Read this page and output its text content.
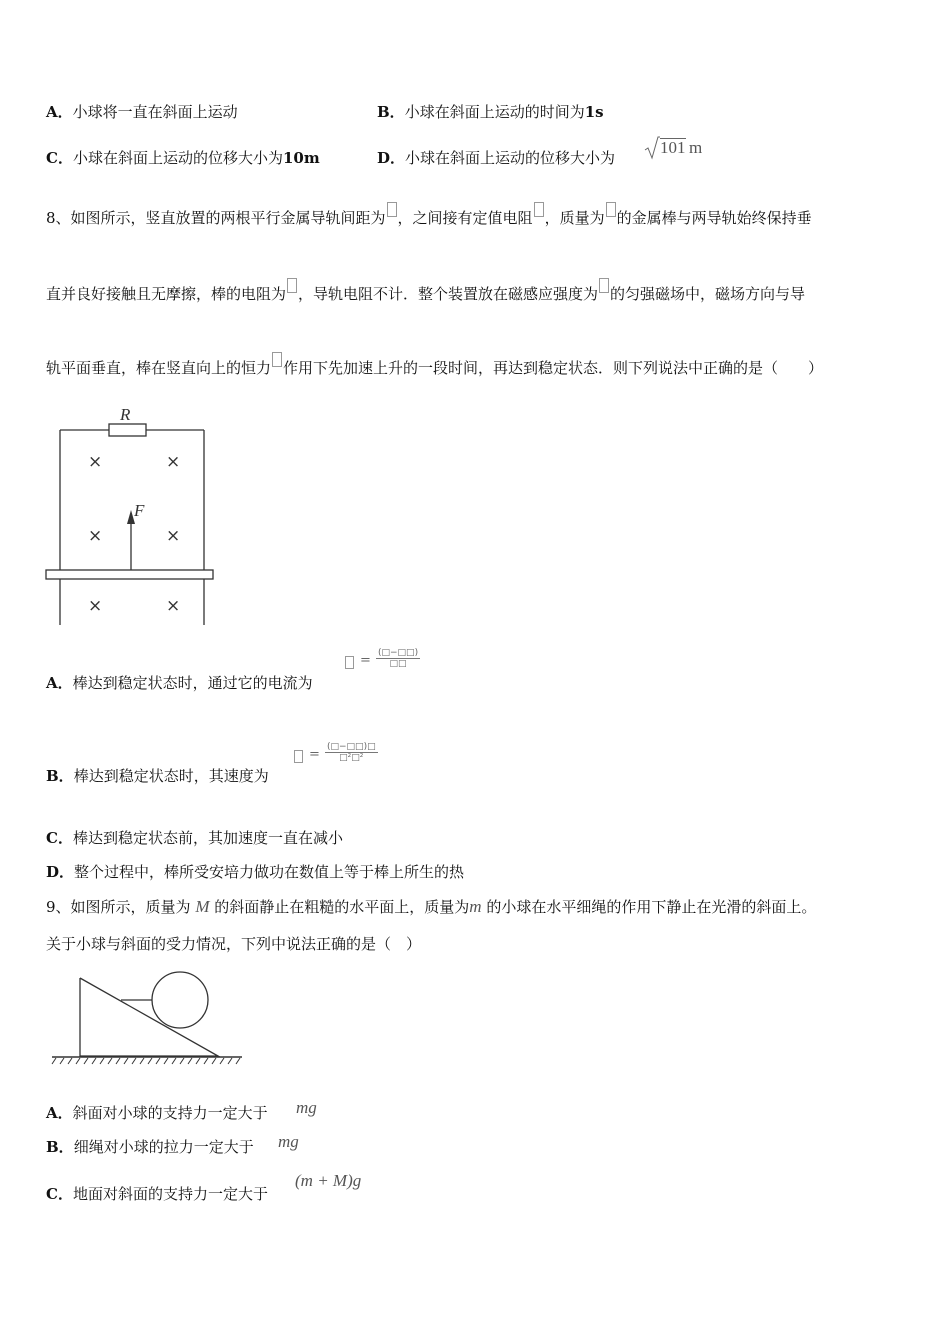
A．小球将一直在斜面上运动	B．小球在斜面上运动的时间为1s
C．小球在斜面上运动的位移大小为10m	D．小球在斜面上运动的位移大小为
101 m
8、如图所示，竖直放置的两根平行金属导轨间距为 ，之间接有定值电阻 ，质量为 的金属棒与两导轨始终保持垂
直并良好接触且无摩擦，棒的电阻为 ，导轨电阻不计．整个装置放在磁感应强度为 的匀强磁场中，磁场方向与导
轨平面垂直，棒在竖直向上的恒力 作用下先加速上升的一段时间，再达到稳定状态．则下列说法中正确的是（　　）
R
×	×
×	×
×	×
F
A．棒达到稳定状态时，通过它的电流为
= (□−□□)
□□
B．棒达到稳定状态时，其速度为
= (□−□□)□
□²□²
C．棒达到稳定状态前，其加速度一直在减小
D．整个过程中，棒所受安培力做功在数值上等于棒上所生的热
9、如图所示，质量为 M 的斜面静止在粗糙的水平面上，质量为m 的小球在水平细绳的作用下静止在光滑的斜面上。
关于小球与斜面的受力情况，下列中说法正确的是（　）
A．斜面对小球的支持力一定大于 mg
B．细绳对小球的拉力一定大于 mg
C．地面对斜面的支持力一定大于
(m + M)g
